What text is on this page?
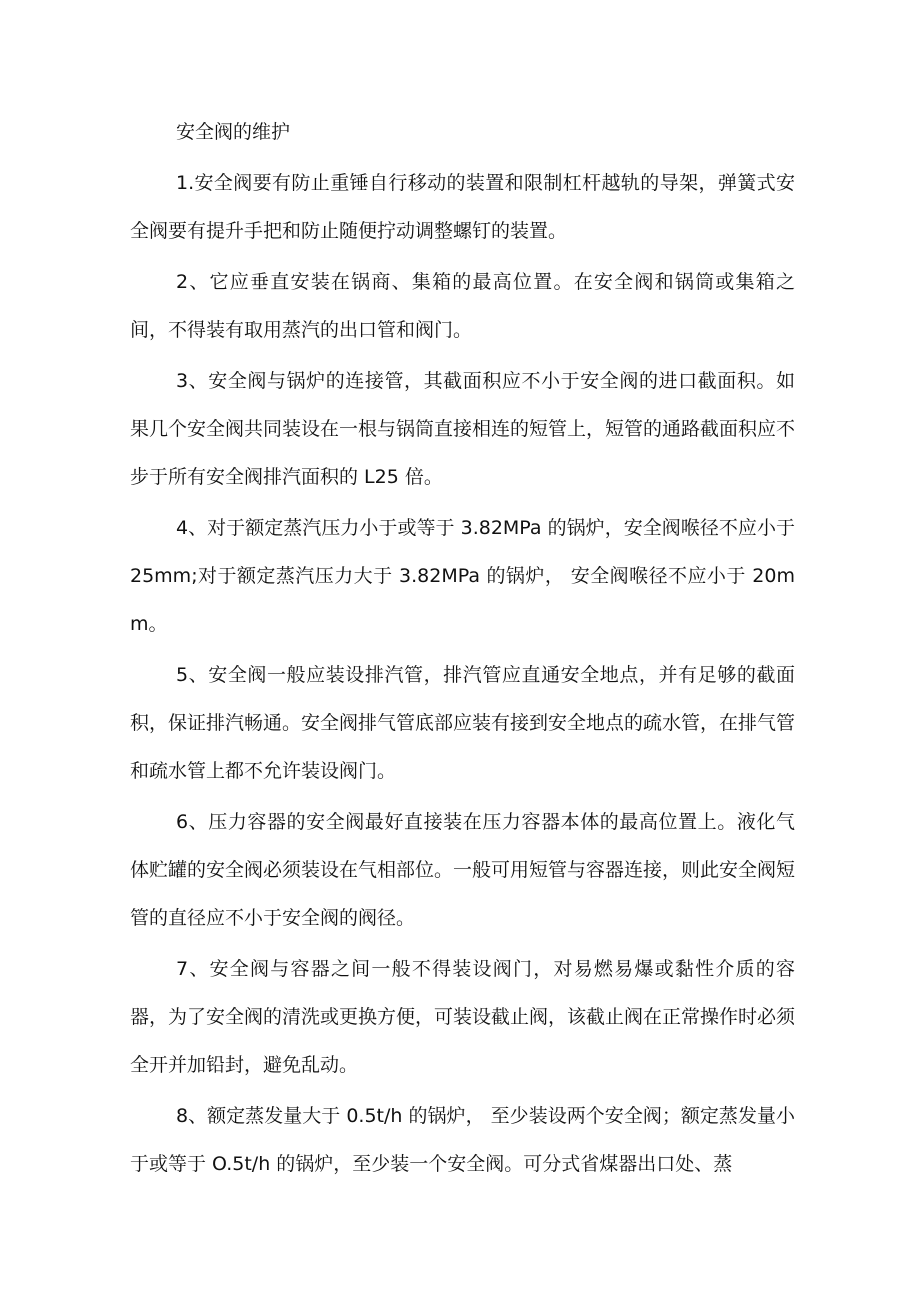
安全阀的维护

1.安全阀要有防止重锤自行移动的装置和限制杠杆越轨的导架，弹簧式安全阀要有提升手把和防止随便拧动调整螺钉的装置。

2、它应垂直安装在锅商、集箱的最高位置。在安全阀和锅筒或集箱之间，不得装有取用蒸汽的出口管和阀门。

3、安全阀与锅炉的连接管，其截面积应不小于安全阀的进口截面积。如果几个安全阀共同装设在一根与锅筒直接相连的短管上，短管的通路截面积应不步于所有安全阀排汽面积的 L25 倍。

4、对于额定蒸汽压力小于或等于 3.82MPa 的锅炉，安全阀喉径不应小于 25mm;对于额定蒸汽压力大于 3.82MPa 的锅炉， 安全阀喉径不应小于 20mm。

5、安全阀一般应装设排汽管，排汽管应直通安全地点，并有足够的截面积，保证排汽畅通。安全阀排气管底部应装有接到安全地点的疏水管，在排气管和疏水管上都不允许装设阀门。

6、压力容器的安全阀最好直接装在压力容器本体的最高位置上。液化气体贮罐的安全阀必须装设在气相部位。一般可用短管与容器连接，则此安全阀短管的直径应不小于安全阀的阀径。

7、安全阀与容器之间一般不得装设阀门，对易燃易爆或黏性介质的容器，为了安全阀的清洗或更换方便，可装设截止阀，该截止阀在正常操作时必须全开并加铅封，避免乱动。

8、额定蒸发量大于 0.5t/h 的锅炉， 至少装设两个安全阀；额定蒸发量小于或等于 O.5t/h 的锅炉，至少装一个安全阀。可分式省煤器出口处、蒸
